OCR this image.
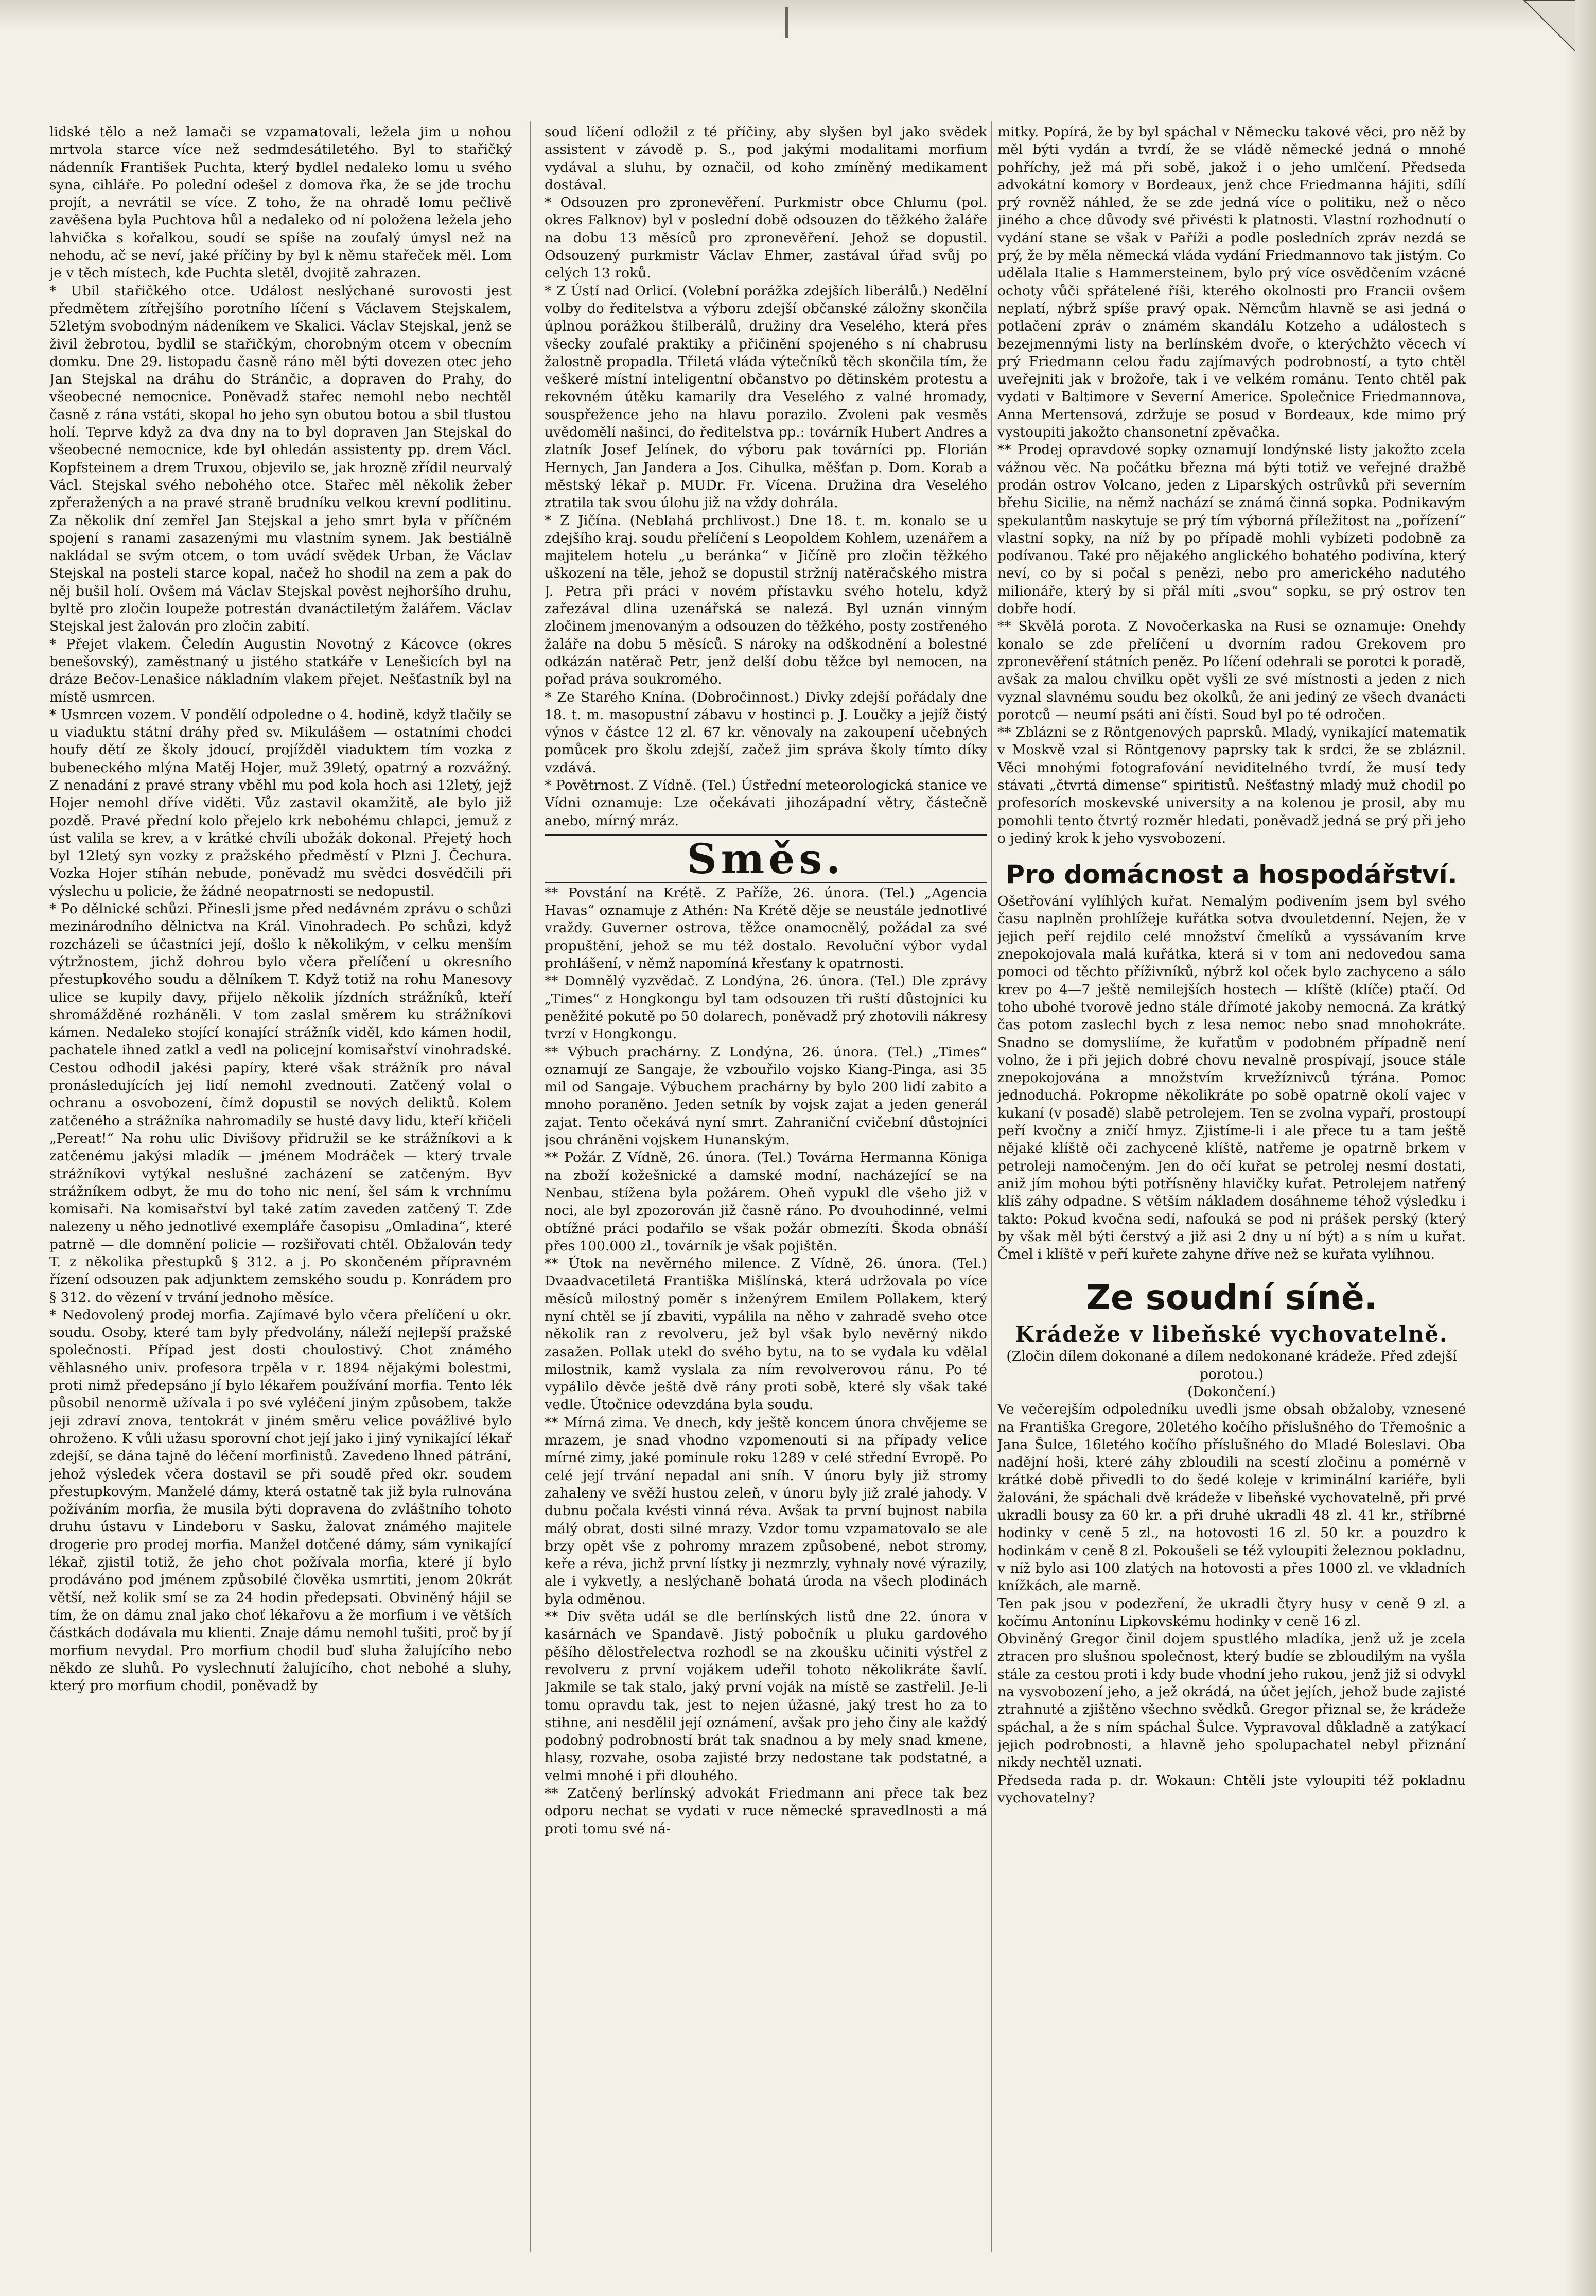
lidské tělo a než lamači se vzpamatovali, ležela jim u nohou mrtvola starce více než sedmdesátiletého. Byl to stařičký nádenník František Puchta, který bydlel nedaleko lomu u svého syna, cihláře. Po polední odešel z domova řka, že se jde trochu projít, a nevrátil se více. Z toho, že na ohradě lomu pečlivě zavěšena byla Puchtova hůl a nedaleko od ní položena ležela jeho lahvička s kořalkou, soudí se spíše na zoufalý úmysl než na nehodu, ač se neví, jaké příčiny by byl k němu stařeček měl. Lom je v těch místech, kde Puchta sletěl, dvojitě zahrazen.

* Ubil stařičkého otce. Událost neslýchané surovosti jest předmětem zítřejšího porotního líčení s Václavem Stejskalem, 52letým svobodným nádeníkem ve Skalici. Václav Stejskal, jenž se živil žebrotou, bydlil se stařičkým, chorobným otcem v obecním domku. Dne 29. listopadu časně ráno měl býti dovezen otec jeho Jan Stejskal na dráhu do Stránčic, a dopraven do Prahy, do všeobecné nemocnice. Poněvadž stařec nemohl nebo nechtěl časně z rána vstáti, skopal ho jeho syn obutou botou a sbil tlustou holí. Teprve když za dva dny na to byl dopraven Jan Stejskal do všeobecné nemocnice, kde byl ohledán assistenty pp. drem Václ. Kopfsteinem a drem Truxou, objevilo se, jak hrozně zřídil neurvalý Václ. Stejskal svého nebohého otce. Stařec měl několik žeber zpřeražených a na pravé straně brudníku velkou krevní podlitinu. Za několik dní zemřel Jan Stejskal a jeho smrt byla v příčném spojení s ranami zasazenými mu vlastním synem. Jak bestiálně nakládal se svým otcem, o tom uvádí svědek Urban, že Václav Stejskal na posteli starce kopal, načež ho shodil na zem a pak do něj bušil holí. Ovšem má Václav Stejskal pověst nejhoršího druhu, byltě pro zločin loupeže potrestán dvanáctiletým žalářem. Václav Stejskal jest žalován pro zločin zabití.

* Přejet vlakem. Čeledín Augustin Novotný z Kácovce (okres benešovský), zaměstnaný u jistého statkáře v Lenešicích byl na dráze Bečov-Lenašice nákladním vlakem přejet. Nešťastník byl na místě usmrcen.

* Usmrcen vozem. V pondělí odpoledne o 4. hodině, když tlačily se u viaduktu státní dráhy před sv. Mikulášem — ostatními chodci houfy dětí ze školy jdoucí, projížděl viaduktem tím vozka z bubeneckého mlýna Matěj Hojer, muž 39letý, opatrný a rozvážný. Z nenadání z pravé strany vběhl mu pod kola hoch asi 12letý, jejž Hojer nemohl dříve viděti. Vůz zastavil okamžitě, ale bylo již pozdě. Pravé přední kolo přejelo krk nebohému chlapci, jemuž z úst valila se krev, a v krátké chvíli ubožák dokonal. Přejetý hoch byl 12letý syn vozky z pražského předměstí v Plzni J. Čechura. Vozka Hojer stíhán nebude, poněvadž mu svědci dosvědčili při výslechu u policie, že žádné neopatrnosti se nedopustil.

* Po dělnické schůzi. Přinesli jsme před nedávném zprávu o schůzi mezinárodního dělnictva na Král. Vinohradech. Po schůzi, když rozcházeli se účastníci její, došlo k několikým, v celku menším výtržnostem, jichž dohrou bylo včera přelíčení u okresního přestupkového soudu a dělníkem T. Když totiž na rohu Manesovy ulice se kupily davy, přijelo několik jízdních strážníků, kteří shromážděné rozháněli. V tom zaslal směrem ku strážníkovi kámen. Nedaleko stojící konající strážník viděl, kdo kámen hodil, pachatele ihned zatkl a vedl na policejní komisařství vinohradské. Cestou odhodil jakési papíry, které však strážník pro nával pronásledujících jej lidí nemohl zvednouti. Zatčený volal o ochranu a osvobození, čímž dopustil se nových deliktů. Kolem zatčeného a strážníka nahromadily se husté davy lidu, kteří křičeli „Pereat!“ Na rohu ulic Divišovy přidružil se ke strážníkovi a k zatčenému jakýsi mladík — jménem Modráček — který trvale strážníkovi vytýkal neslušné zacházení se zatčeným. Byv strážníkem odbyt, že mu do toho nic není, šel sám k vrchnímu komisaři. Na komisařství byl také zatím zaveden zatčený T. Zde nalezeny u něho jednotlivé exempláře časopisu „Omladina“, které patrně — dle domnění policie — rozšiřovati chtěl. Obžalován tedy T. z několika přestupků § 312. a j. Po skončeném přípravném řízení odsouzen pak adjunktem zemského soudu p. Konrádem pro § 312. do vězení v trvání jednoho měsíce.

* Nedovolený prodej morfia. Zajímavé bylo včera přelíčení u okr. soudu. Osoby, které tam byly předvolány, náleží nejlepší pražské společnosti. Případ jest dosti choulostivý. Chot známého věhlasného univ. profesora trpěla v r. 1894 nějakými bolestmi, proti nimž předepsáno jí bylo lékařem používání morfia. Tento lék působil nenormě užívala i po své vyléčení jiným způsobem, takže jeji zdraví znova, tentokrát v jiném směru velice povážlivé bylo ohroženo. K vůli užasu sporovní chot její jako i jiný vynikající lékař zdejší, se dána tajně do léčení morfinistů. Zavedeno lhned pátrání, jehož výsledek včera dostavil se při soudě před okr. soudem přestupkovým. Manželé dámy, která ostatně tak již byla rulnována požíváním morfia, že musila býti dopravena do zvláštního tohoto druhu ústavu v Lindeboru v Sasku, žalovat známého majitele drogerie pro prodej morfia. Manžel dotčené dámy, sám vynikající lékař, zjistil totiž, že jeho chot požívala morfia, které jí bylo prodáváno pod jménem způsobilé člověka usmrtiti, jenom 20krát větší, než kolik smí se za 24 hodin předepsati. Obviněný hájil se tím, že on dámu znal jako choť lékařovu a že morfium i ve větších částkách dodávala mu klienti. Znaje dámu nemohl tušiti, proč by jí morfium nevydal. Pro morfium chodil buď sluha žalujícího nebo někdo ze sluhů. Po vyslechnutí žalujícího, chot nebohé a sluhy, který pro morfium chodil, poněvadž by

soud líčení odložil z té příčiny, aby slyšen byl jako svědek assistent v závodě p. S., pod jakými modalitami morfium vydával a sluhu, by označil, od koho zmíněný medikament dostával.

* Odsouzen pro zpronevěření. Purkmistr obce Chlumu (pol. okres Falknov) byl v poslední době odsouzen do těžkého žaláře na dobu 13 měsíců pro zpronevěření. Jehož se dopustil. Odsouzený purkmistr Václav Ehmer, zastával úřad svůj po celých 13 roků.

* Z Ústí nad Orlicí. (Volební porážka zdejších liberálů.) Nedělní volby do ředitelstva a výboru zdejší občanské záložny skončila úplnou porážkou štilberálů, družiny dra Veselého, která přes všecky zoufalé praktiky a přičinění spojeného s ní chabrusu žalostně propadla. Třiletá vláda výtečníků těch skončila tím, že veškeré místní inteligentní občanstvo po dětinském protestu a rekovném útěku kamarily dra Veselého z valné hromady, souspřežence jeho na hlavu porazilo. Zvoleni pak vesměs uvědomělí našinci, do ředitelstva pp.: továrník Hubert Andres a zlatník Josef Jelínek, do výboru pak továrníci pp. Florián Hernych, Jan Jandera a Jos. Cihulka, měšťan p. Dom. Korab a městský lékař p. MUDr. Fr. Vícena. Družina dra Veselého ztratila tak svou úlohu již na vždy dohrála.

* Z Jičína. (Neblahá prchlivost.) Dne 18. t. m. konalo se u zdejšího kraj. soudu přelíčení s Leopoldem Kohlem, uzenářem a majitelem hotelu „u beránka“ v Jičíně pro zločin těžkého uškození na těle, jehož se dopustil stržníj natěračského mistra J. Petra při práci v novém přístavku svého hotelu, když zařezával dlina uzenářská se nalezá. Byl uznán vinným zločinem jmenovaným a odsouzen do těžkého, posty zostřeného žaláře na dobu 5 měsíců. S nároky na odškodnění a bolestné odkázán natěrač Petr, jenž delší dobu těžce byl nemocen, na pořad práva soukromého.

* Ze Starého Knína. (Dobročinnost.) Divky zdejší pořádaly dne 18. t. m. masopustní zábavu v hostinci p. J. Loučky a jejíž čistý výnos v částce 12 zl. 67 kr. věnovaly na zakoupení učebných pomůcek pro školu zdejší, začež jim správa školy tímto díky vzdává.

* Povětrnost. Z Vídně. (Tel.) Ústřední meteorologická stanice ve Vídni oznamuje: Lze očekávati jihozápadní větry, částečně anebo, mírný mráz.

Směs.

** Povstání na Krétě. Z Paříže, 26. února. (Tel.) „Agencia Havas“ oznamuje z Athén: Na Krétě děje se neustále jednotlivé vraždy. Guverner ostrova, těžce onamocnělý, požádal za své propuštění, jehož se mu též dostalo. Revoluční výbor vydal prohlášení, v němž napomíná křesťany k opatrnosti.

** Domnělý vyzvědač. Z Londýna, 26. února. (Tel.) Dle zprávy „Times“ z Hongkongu byl tam odsouzen tři ruští důstojníci ku peněžité pokutě po 50 dolarech, poněvadž prý zhotovili nákresy tvrzí v Hongkongu.

** Výbuch prachárny. Z Londýna, 26. února. (Tel.) „Times“ oznamují ze Sangaje, že vzbouřilo vojsko Kiang-Pinga, asi 35 mil od Sangaje. Výbuchem prachárny by bylo 200 lidí zabito a mnoho poraněno. Jeden setník by vojsk zajat a jeden generál zajat. Tento očekává nyní smrt. Zahraniční cvičební důstojníci jsou chráněni vojskem Hunanským.

** Požár. Z Vídně, 26. února. (Tel.) Továrna Hermanna Königa na zboží kožešnické a damské modní, nacházející se na Nenbau, stížena byla požárem. Oheň vypukl dle všeho již v noci, ale byl zpozorován již časně ráno. Po dvouhodinné, velmi obtížné práci podařilo se však požár obmezíti. Škoda obnáší přes 100.000 zl., továrník je však pojištěn.

** Útok na nevěrného milence. Z Vídně, 26. února. (Tel.) Dvaadvacetiletá Františka Mišlínská, která udržovala po více měsíců milostný poměr s inženýrem Emilem Pollakem, který nyní chtěl se jí zbaviti, vypálila na něho v zahradě sveho otce několik ran z revolveru, jež byl však bylo nevěrný nikdo zasažen. Pollak utekl do svého bytu, na to se vydala ku vdělal milostnik, kamž vyslala za ním revolverovou ránu. Po té vypálilo děvče ještě dvě rány proti sobě, které sly však také vedle. Útočnice odevzdána byla soudu.

** Mírná zima. Ve dnech, kdy ještě koncem února chvějeme se mrazem, je snad vhodno vzpomenouti si na případy velice mírné zimy, jaké pominule roku 1289 v celé střední Evropě. Po celé její trvání nepadal ani sníh. V únoru byly již stromy zahaleny ve svěží hustou zeleň, v únoru byly již zralé jahody. V dubnu počala kvésti vinná réva. Avšak ta první bujnost nabila málý obrat, dosti silné mrazy. Vzdor tomu vzpamatovalo se ale brzy opět vše z pohromy mrazem způsobené, nebot stromy, keře a réva, jichž první lístky ji nezmrzly, vyhnaly nové výrazily, ale i vykvetly, a neslýchaně bohatá úroda na všech plodinách byla odměnou.

** Div světa udál se dle berlínských listů dne 22. února v kasárnách ve Spandavě. Jistý pobočník u pluku gardového pěšího dělostřelectva rozhodl se na zkoušku učiniti výstřel z revolveru z první vojákem udeřil tohoto několikráte šavlí. Jakmile se tak stalo, jaký první voják na místě se zastřelil. Je-li tomu opravdu tak, jest to nejen úžasné, jaký trest ho za to stihne, ani nesdělil její oznámení, avšak pro jeho činy ale každý podobný podrobností brát tak snadnou a by mely snad kmene, hlasy, rozvahe, osoba zajisté brzy nedostane tak podstatné, a velmi mnohé i při dlouhého.

** Zatčený berlínský advokát Friedmann ani přece tak bez odporu nechat se vydati v ruce německé spravedlnosti a má proti tomu své ná-

mitky. Popírá, že by byl spáchal v Německu takové věci, pro něž by měl býti vydán a tvrdí, že se vládě německé jedná o mnohé pohříchy, jež má při sobě, jakož i o jeho umlčení. Předseda advokátní komory v Bordeaux, jenž chce Friedmanna hájiti, sdílí prý rovněž náhled, že se zde jedná více o politiku, než o něco jiného a chce důvody své přivésti k platnosti. Vlastní rozhodnutí o vydání stane se však v Paříži a podle posledních zpráv nezdá se prý, že by měla německá vláda vydání Friedmannovo tak jistým. Co udělala Italie s Hammersteinem, bylo prý více osvědčením vzácné ochoty vůči spřátelené říši, kterého okolnosti pro Francii ovšem neplatí, nýbrž spíše pravý opak. Němcům hlavně se asi jedná o potlačení zpráv o známém skandálu Kotzeho a událostech s bezejmennými listy na berlínském dvoře, o kterýchžto věcech ví prý Friedmann celou řadu zajímavých podrobností, a tyto chtěl uveřejniti jak v brožoře, tak i ve velkém románu. Tento chtěl pak vydati v Baltimore v Severní Americe. Společnice Friedmannova, Anna Mertensová, zdržuje se posud v Bordeaux, kde mimo prý vystoupiti jakožto chansonetní zpěvačka.

** Prodej opravdové sopky oznamují londýnské listy jakožto zcela vážnou věc. Na počátku března má býti totiž ve veřejné dražbě prodán ostrov Volcano, jeden z Liparských ostrůvků při severním břehu Sicilie, na němž nachází se známá činná sopka. Podnikavým spekulantům naskytuje se prý tím výborná příležitost na „pořízení“ vlastní sopky, na níž by po případě mohli vybízeti podobně za podívanou. Také pro nějakého anglického bohatého podivína, který neví, co by si počal s penězi, nebo pro amerického nadutého milionáře, který by si přál míti „svou“ sopku, se prý ostrov ten dobře hodí.

** Skvělá porota. Z Novočerkaska na Rusi se oznamuje: Onehdy konalo se zde přelíčení u dvorním radou Grekovem pro zpronevěření státních peněz. Po líčení odehrali se porotci k poradě, avšak za malou chvilku opět vyšli ze své místnosti a jeden z nich vyznal slavnému soudu bez okolků, že ani jediný ze všech dvanácti porotců — neumí psáti ani čísti. Soud byl po té odročen.

** Zblázni se z Röntgenových paprsků. Mladý, vynikající matematik v Moskvě vzal si Röntgenovy paprsky tak k srdci, že se zbláznil. Věci mnohými fotografování neviditelného tvrdí, že musí tedy stávati „čtvrtá dimense“ spiritistů. Nešťastný mladý muž chodil po profesorích moskevské university a na kolenou je prosil, aby mu pomohli tento čtvrtý rozměr hledati, poněvadž jedná se prý při jeho o jediný krok k jeho vysvobození.

Pro domácnost a hospodářství.

Ošetřování vylíhlých kuřat. Nemalým podivením jsem byl svého času naplněn prohlížeje kuřátka sotva dvouletdenní. Nejen, že v jejich peří rejdilo celé množství čmelíků a vyssávaním krve znepokojovala malá kuřátka, která si v tom ani nedovedou sama pomoci od těchto příživníků, nýbrž kol oček bylo zachyceno a sálo krev po 4—7 ještě nemilejších hostech — klíště (klíče) ptačí. Od toho ubohé tvorově jedno stále dřímoté jakoby nemocná. Za krátký čas potom zaslechl bych z lesa nemoc nebo snad mnohokráte. Snadno se domysliíme, že kuřatům v podobném případně není volno, že i při jejich dobré chovu nevalně prospívají, jsouce stále znepokojována a množstvím krvežíznivců týrána. Pomoc jednoduchá. Pokropme několikráte po sobě opatrně okolí vajec v kukaní (v posadě) slabě petrolejem. Ten se zvolna vypaří, prostoupí peří kvočny a zničí hmyz. Zjistíme-li i ale přece tu a tam ještě nějaké klíště oči zachycené klíště, natřeme je opatrně brkem v petroleji namočeným. Jen do očí kuřat se petrolej nesmí dostati, aniž jím mohou býti potřísněny hlavičky kuřat. Petrolejem natřený klíš záhy odpadne. S větším nákladem dosáhneme téhož výsledku i takto: Pokud kvočna sedí, nafouká se pod ni prášek perský (který by však měl býti čerstvý a již asi 2 dny u ní být) a s ním u kuřat. Čmel i klíště v peří kuřete zahyne dříve než se kuřata vylíhnou.

Ze soudní síně.
Krádeže v libeňské vychovatelně.

(Zločin dílem dokonané a dílem nedokonané krádeže. Před zdejší porotou.)

(Dokončení.)

Ve večerejším odpoledníku uvedli jsme obsah obžaloby, vznesené na Františka Gregore, 20letého kočího příslušného do Třemošnic a Jana Šulce, 16letého kočího příslušného do Mladé Boleslavi. Oba nadějní hoši, které záhy zbloudili na scestí zločinu a pomérně v krátké době přivedli to do šedé koleje v kriminální kariéře, byli žalováni, že spáchali dvě krádeže v libeňské vychovatelně, při prvé ukradli bousy za 60 kr. a při druhé ukradli 48 zl. 41 kr., stříbrné hodinky v ceně 5 zl., na hotovosti 16 zl. 50 kr. a pouzdro k hodinkám v ceně 8 zl. Pokoušeli se též vyloupiti železnou pokladnu, v níž bylo asi 100 zlatých na hotovosti a přes 1000 zl. ve vkladních knížkách, ale marně.

Ten pak jsou v podezření, že ukradli čtyry husy v ceně 9 zl. a kočímu Antonínu Lipkovskému hodinky v ceně 16 zl.

Obviněný Gregor činil dojem spustlého mladíka, jenž už je zcela ztracen pro slušnou společnost, který budíe se zbloudilým na vyšla stále za cestou proti i kdy bude vhodní jeho rukou, jenž již si odvykl na vysvobození jeho, a jež okrádá, na účet jejích, jehož bude zajisté ztrahnuté a zjištěno všechno svědků. Gregor přiznal se, že krádeže spáchal, a že s ním spáchal Šulce. Vypravoval důkladně a zatýkací jejich podrobnosti, a hlavně jeho spolupachatel nebyl přiznání nikdy nechtěl uznati.

Předseda rada p. dr. Wokaun: Chtěli jste vyloupiti též pokladnu vychovatelny?
